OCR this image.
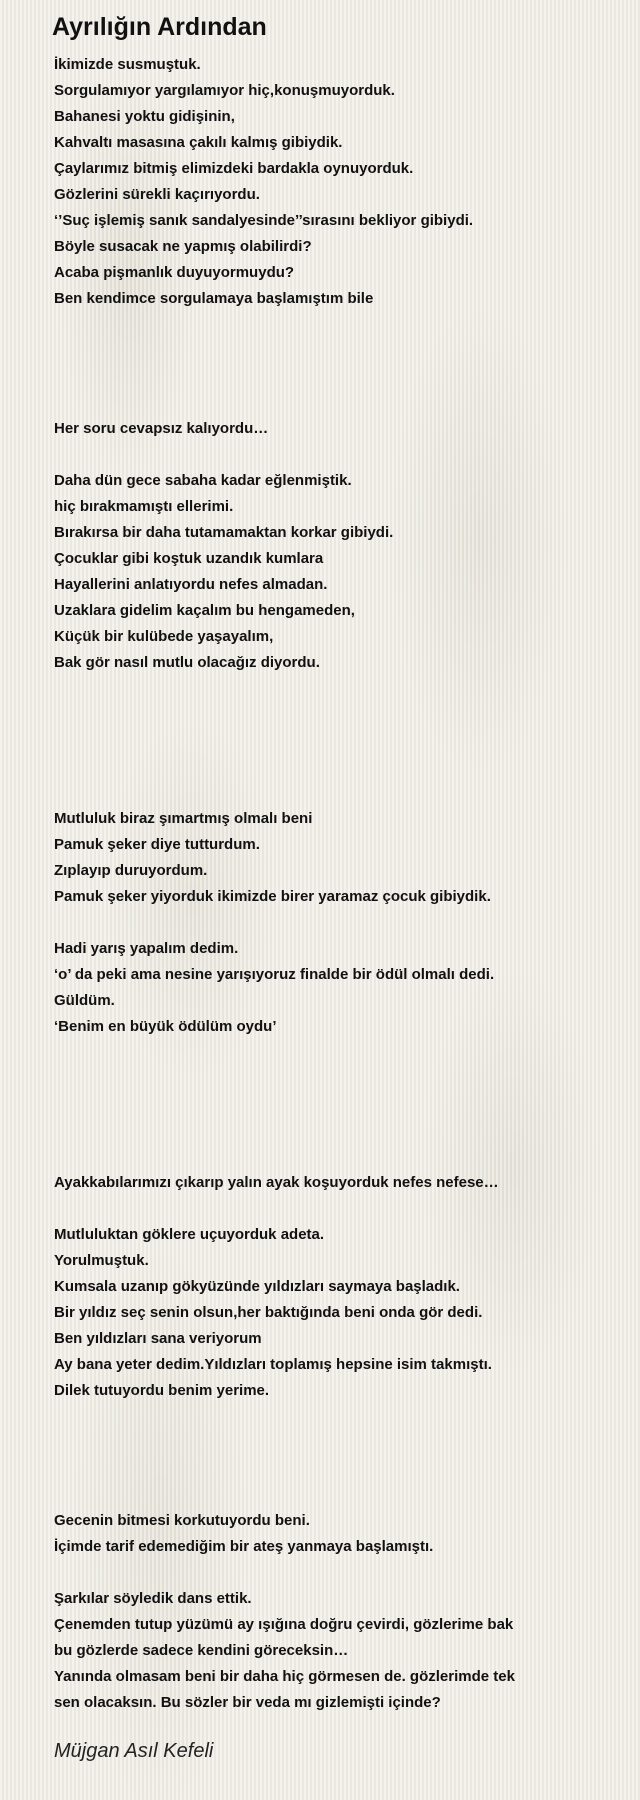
Ayrılığın Ardından
İkimizde susmuştuk.
Sorgulamıyor yargılamıyor hiç,konuşmuyorduk.
Bahanesi yoktu gidişinin,
Kahvaltı masasına çakılı kalmış gibiydik.
Çaylarımız bitmiş elimizdeki bardakla oynuyorduk.
Gözlerini sürekli kaçırıyordu.
‘’Suç işlemiş sanık sandalyesinde’’sırasını bekliyor gibiydi.
Böyle susacak ne yapmış olabilirdi?
Acaba pişmanlık duyuyormuydu?
Ben kendimce sorgulamaya başlamıştım bile
Her soru cevapsız kalıyordu…
Daha dün gece sabaha kadar eğlenmiştik.
hiç bırakmamıştı ellerimi.
Bırakırsa bir daha tutamamaktan korkar gibiydi.
Çocuklar gibi koştuk uzandık kumlara
Hayallerini anlatıyordu nefes almadan.
Uzaklara gidelim kaçalım bu hengameden,
Küçük bir kulübede yaşayalım,
Bak gör nasıl mutlu olacağız diyordu.
Mutluluk biraz şımartmış olmalı beni
Pamuk şeker diye tutturdum.
Zıplayıp duruyordum.
Pamuk şeker yiyorduk ikimizde birer yaramaz çocuk gibiydik.
Hadi yarış yapalım dedim.
‘o’ da peki ama nesine yarışıyoruz finalde bir ödül olmalı dedi.
Güldüm.
‘Benim en büyük ödülüm oydu’
Ayakkabılarımızı çıkarıp yalın ayak koşuyorduk nefes nefese…
Mutluluktan göklere uçuyorduk adeta.
Yorulmuştuk.
Kumsala uzanıp gökyüzünde yıldızları saymaya başladık.
Bir yıldız seç senin olsun,her baktığında beni onda gör dedi.
Ben yıldızları sana veriyorum
Ay bana yeter dedim.Yıldızları toplamış hepsine isim takmıştı.
Dilek tutuyordu benim yerime.
Gecenin bitmesi korkutuyordu beni.
İçimde tarif edemediğim bir ateş yanmaya başlamıştı.
Şarkılar söyledik dans ettik.
Çenemden tutup yüzümü ay ışığına doğru çevirdi, gözlerime bak
bu gözlerde sadece kendini göreceksin…
Yanında olmasam beni bir daha hiç görmesen de. gözlerimde tek
sen olacaksın. Bu sözler bir veda mı gizlemişti içinde?
Müjgan Asıl Kefeli
